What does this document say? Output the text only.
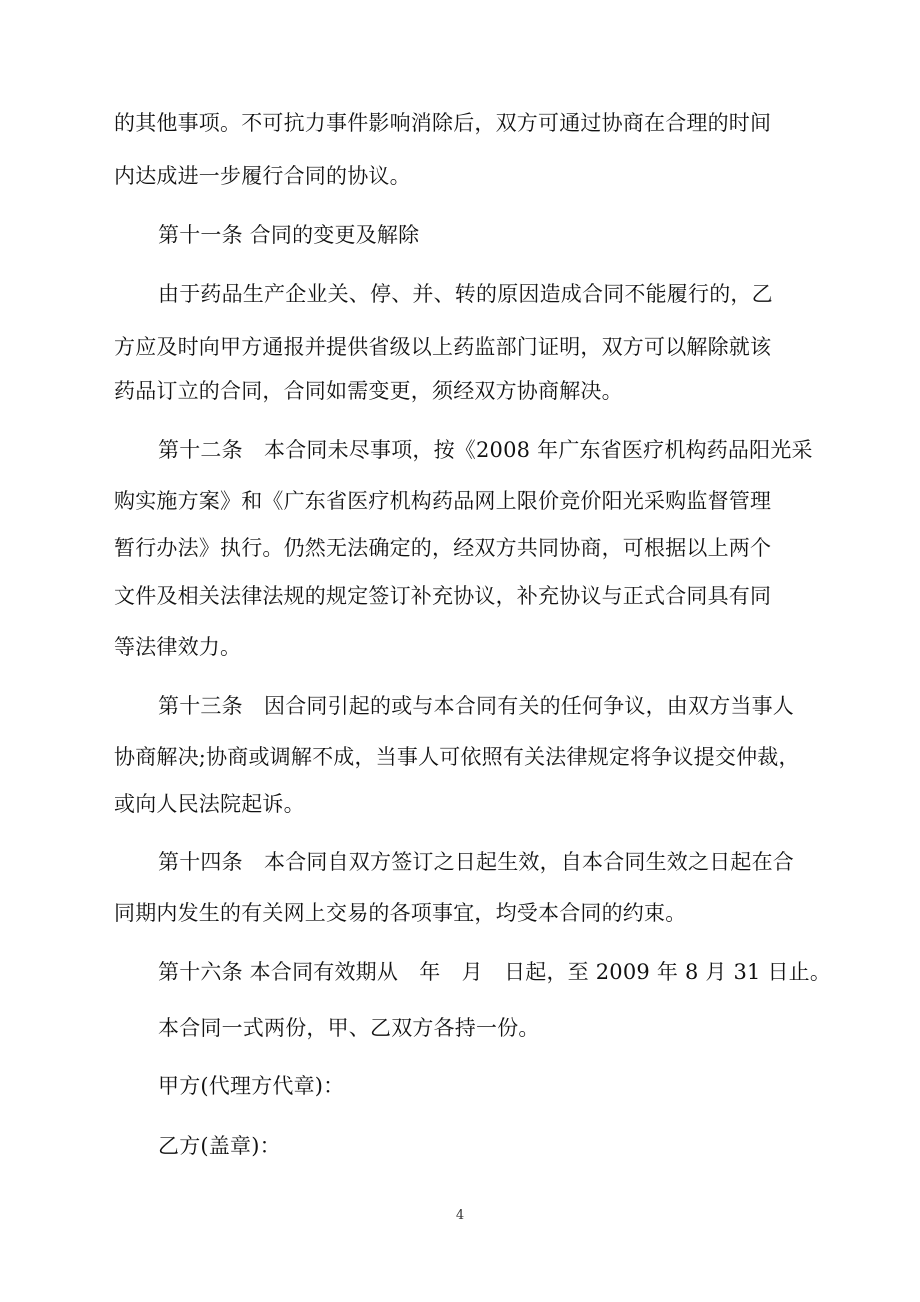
的其他事项。不可抗力事件影响消除后，双方可通过协商在合理的时间
内达成进一步履行合同的协议。
第十一条 合同的变更及解除
由于药品生产企业关、停、并、转的原因造成合同不能履行的，乙
方应及时向甲方通报并提供省级以上药监部门证明，双方可以解除就该
药品订立的合同，合同如需变更，须经双方协商解决。
第十二条　本合同未尽事项，按《2008 年广东省医疗机构药品阳光采
购实施方案》和《广东省医疗机构药品网上限价竞价阳光采购监督管理
暂行办法》执行。仍然无法确定的，经双方共同协商，可根据以上两个
文件及相关法律法规的规定签订补充协议，补充协议与正式合同具有同
等法律效力。
第十三条　因合同引起的或与本合同有关的任何争议，由双方当事人
协商解决;协商或调解不成，当事人可依照有关法律规定将争议提交仲裁，
或向人民法院起诉。
第十四条　本合同自双方签订之日起生效，自本合同生效之日起在合
同期内发生的有关网上交易的各项事宜，均受本合同的约束。
第十六条 本合同有效期从　年　月　日起，至 2009 年 8 月 31 日止。
本合同一式两份，甲、乙双方各持一份。
甲方(代理方代章)：
乙方(盖章)：
4
